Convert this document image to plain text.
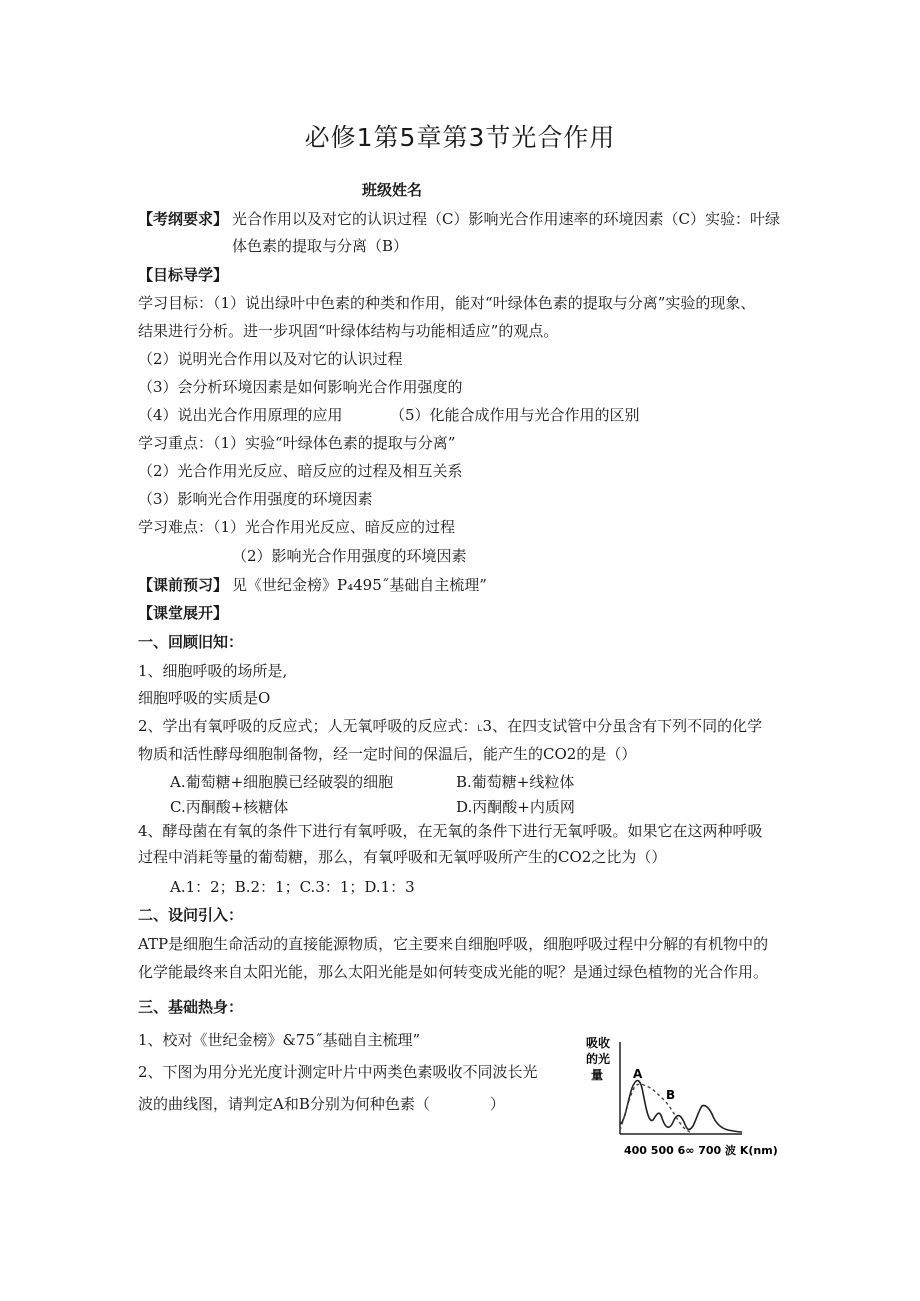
必修1第5章第3节光合作用
班级姓名
【考纲要求】 光合作用以及对它的认识过程（C）影响光合作用速率的环境因素（C）实验：叶绿
体色素的提取与分离（B）
【目标导学】
学习目标：（1）说出绿叶中色素的种类和作用，能对“叶绿体色素的提取与分离”实验的现象、
结果进行分析。进一步巩固“叶绿体结构与功能相适应”的观点。
（2）说明光合作用以及对它的认识过程
（3）会分析环境因素是如何影响光合作用强度的
（4）说出光合作用原理的应用	（5）化能合成作用与光合作用的区别
学习重点：（1）实验“叶绿体色素的提取与分离”
（2）光合作用光反应、暗反应的过程及相互关系
（3）影响光合作用强度的环境因素
学习难点：（1）光合作用光反应、暗反应的过程
（2）影响光合作用强度的环境因素
【课前预习】 见《世纪金榜》P₄495˝基础自主梳理”
【课堂展开】
一、回顾旧知：
1、细胞呼吸的场所是,
细胞呼吸的实质是O
2、学出有氧呼吸的反应式；人无氧呼吸的反应式：˪3、在四支试管中分虽含有下列不同的化学
物质和活性酵母细胞制备物，经一定时间的保温后，能产生的CO2的是（）
A.葡萄糖+细胞膜已经破裂的细胞	B.葡萄糖+线粒体
C.丙酮酸+核糖体	D.丙酮酸+内质网
4、酵母菌在有氧的条件下进行有氧呼吸，在无氧的条件下进行无氧呼吸。如果它在这两种呼吸
过程中消耗等量的葡萄糖，那么，有氧呼吸和无氧呼吸所产生的CO2之比为（）
A.1：2；B.2：1；C.3：1；D.1：3
二、设问引入：
ATP是细胞生命活动的直接能源物质，它主要来自细胞呼吸，细胞呼吸过程中分解的有机物中的
化学能最终来自太阳光能，那么太阳光能是如何转变成光能的呢？是通过绿色植物的光合作用。
三、基础热身：
1、校对《世纪金榜》&75˝基础自主梳理”
2、下图为用分光光度计测定叶片中两类色素吸收不同波长光
波的曲线图，请判定A和B分别为何种色素（　　　　）
吸收
的光
量 A
B
400 500 6∞ 700 波 K(nm)
